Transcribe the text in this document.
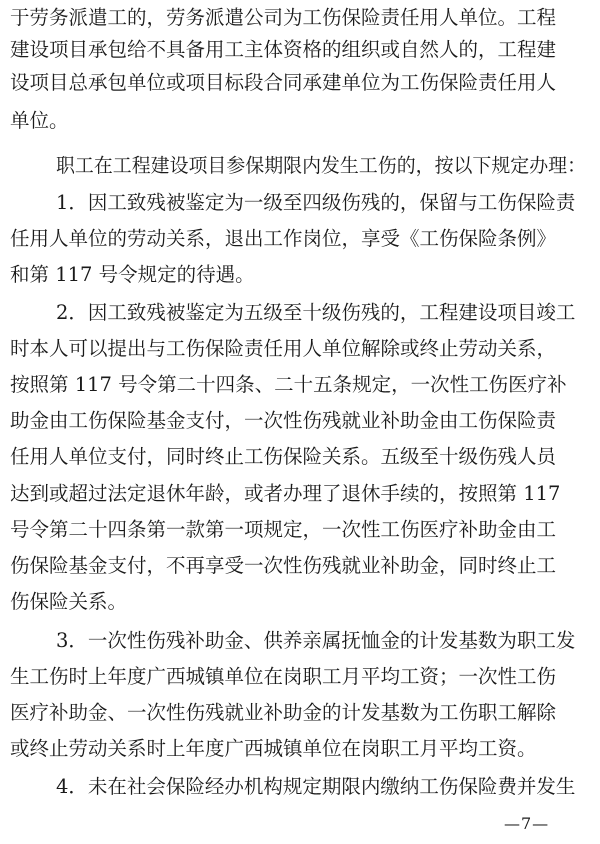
于劳务派遣工的，劳务派遣公司为工伤保险责任用人单位。工程
建设项目承包给不具备用工主体资格的组织或自然人的，工程建
设项目总承包单位或项目标段合同承建单位为工伤保险责任用人
单位。
职工在工程建设项目参保期限内发生工伤的，按以下规定办理：
1．因工致残被鉴定为一级至四级伤残的，保留与工伤保险责
任用人单位的劳动关系，退出工作岗位，享受《工伤保险条例》
和第 117 号令规定的待遇。
2．因工致残被鉴定为五级至十级伤残的，工程建设项目竣工
时本人可以提出与工伤保险责任用人单位解除或终止劳动关系，
按照第 117 号令第二十四条、二十五条规定，一次性工伤医疗补
助金由工伤保险基金支付，一次性伤残就业补助金由工伤保险责
任用人单位支付，同时终止工伤保险关系。五级至十级伤残人员
达到或超过法定退休年龄，或者办理了退休手续的，按照第 117
号令第二十四条第一款第一项规定，一次性工伤医疗补助金由工
伤保险基金支付，不再享受一次性伤残就业补助金，同时终止工
伤保险关系。
3．一次性伤残补助金、供养亲属抚恤金的计发基数为职工发
生工伤时上年度广西城镇单位在岗职工月平均工资；一次性工伤
医疗补助金、一次性伤残就业补助金的计发基数为工伤职工解除
或终止劳动关系时上年度广西城镇单位在岗职工月平均工资。
4．未在社会保险经办机构规定期限内缴纳工伤保险费并发生
—7—
